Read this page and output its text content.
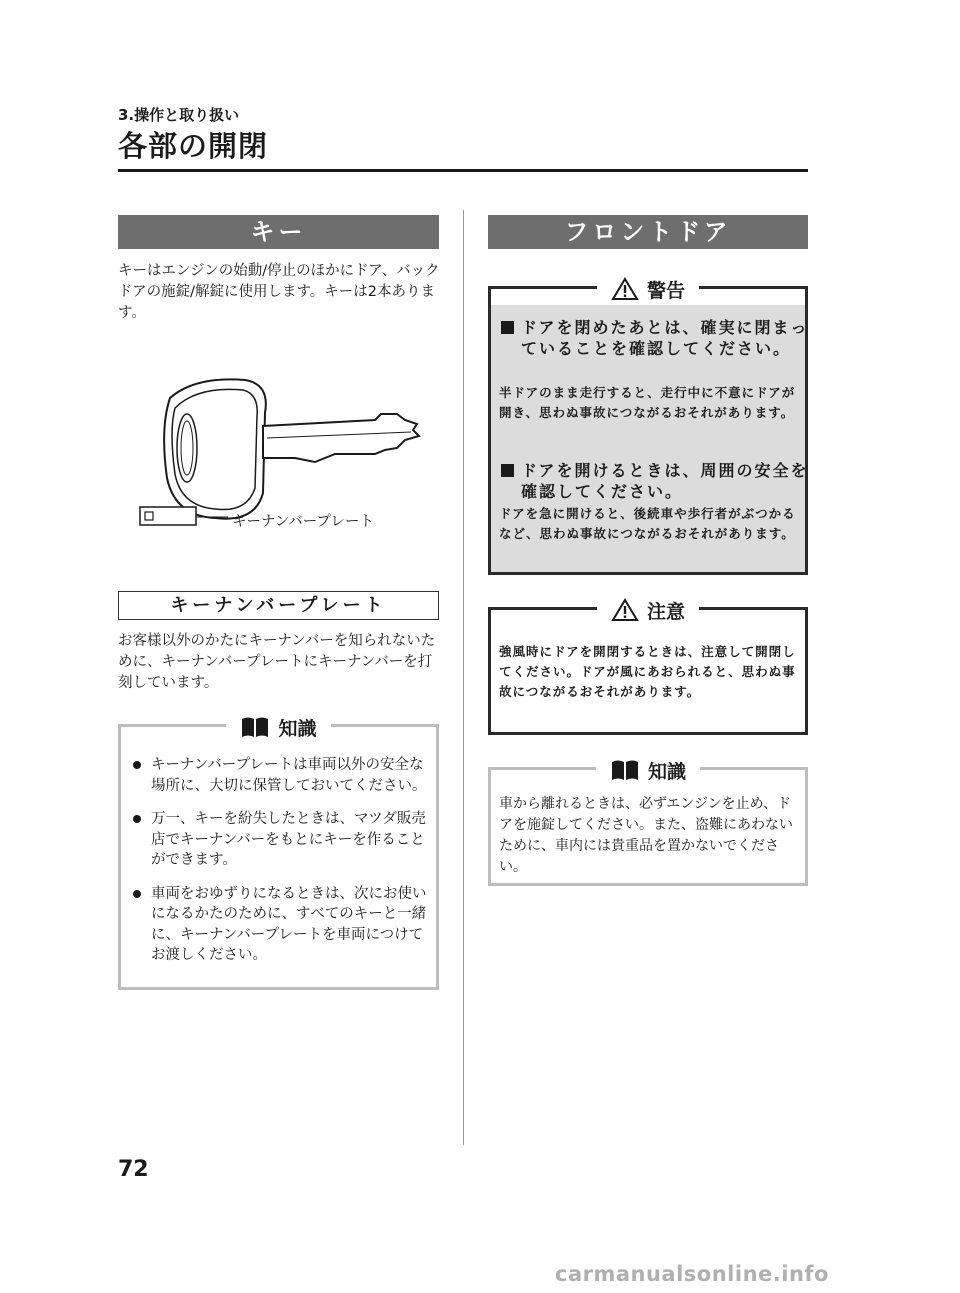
3.操作と取り扱い
各部の開閉
キー
キーはエンジンの始動/停止のほかにドア、バックドアの施錠/解錠に使用します。キーは2本あります。
キーナンバープレート
キーナンバープレート
お客様以外のかたにキーナンバーを知られないために、キーナンバープレートにキーナンバーを打刻しています。
知識
キーナンバープレートは車両以外の安全な場所に、大切に保管しておいてください。
万一、キーを紛失したときは、マツダ販売店でキーナンバーをもとにキーを作ることができます。
車両をおゆずりになるときは、次にお使いになるかたのために、すべてのキーと一緒に、キーナンバープレートを車両につけてお渡しください。
フロントドア
警告
ドアを閉めたあとは、確実に閉まっていることを確認してください。
半ドアのまま走行すると、走行中に不意にドアが開き、思わぬ事故につながるおそれがあります。
ドアを開けるときは、周囲の安全を確認してください。
ドアを急に開けると、後続車や歩行者がぶつかるなど、思わぬ事故につながるおそれがあります。
注意
強風時にドアを開閉するときは、注意して開閉してください。ドアが風にあおられると、思わぬ事故につながるおそれがあります。
知識
車から離れるときは、必ずエンジンを止め、ドアを施錠してください。また、盗難にあわないために、車内には貴重品を置かないでください。
72
carmanualsonline.info
